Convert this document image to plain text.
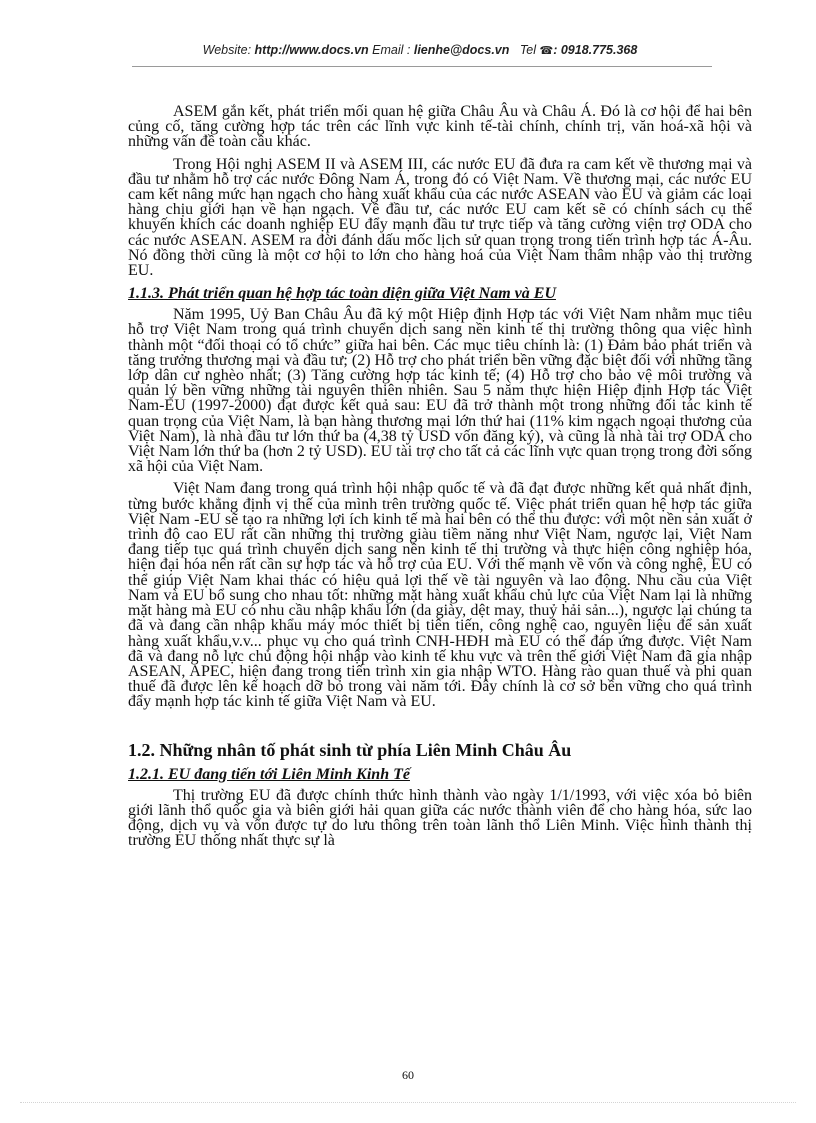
Website: http://www.docs.vn Email : lienhe@docs.vn Tel ☎: 0918.775.368

ASEM gắn kết, phát triển mối quan hệ giữa Châu Âu và Châu Á. Đó là cơ hội để hai bên củng cố, tăng cường hợp tác trên các lĩnh vực kinh tế-tài chính, chính trị, văn hoá-xã hội và những vấn đề toàn cầu khác.

Trong Hội nghị ASEM II và ASEM III, các nước EU đã đưa ra cam kết về thương mại và đầu tư nhằm hỗ trợ các nước Đông Nam Á, trong đó có Việt Nam. Về thương mại, các nước EU cam kết nâng mức hạn ngạch cho hàng xuất khẩu của các nước ASEAN vào EU và giảm các loại hàng chịu giới hạn về hạn ngạch. Về đầu tư, các nước EU cam kết sẽ có chính sách cụ thể khuyến khích các doanh nghiệp EU đẩy mạnh đầu tư trực tiếp và tăng cường viện trợ ODA cho các nước ASEAN. ASEM ra đời đánh dấu mốc lịch sử quan trọng trong tiến trình hợp tác Á-Âu. Nó đồng thời cũng là một cơ hội to lớn cho hàng hoá của Việt Nam thâm nhập vào thị trường EU.

1.1.3. Phát triển quan hệ hợp tác toàn diện giữa Việt Nam và EU

Năm 1995, Uỷ Ban Châu Âu đã ký một Hiệp định Hợp tác với Việt Nam nhằm mục tiêu hỗ trợ Việt Nam trong quá trình chuyển dịch sang nền kinh tế thị trường thông qua việc hình thành một “đối thoại có tổ chức” giữa hai bên. Các mục tiêu chính là: (1) Đảm bảo phát triển và tăng trưởng thương mại và đầu tư; (2) Hỗ trợ cho phát triển bền vững đặc biệt đối với những tầng lớp dân cư nghèo nhất; (3) Tăng cường hợp tác kinh tế; (4) Hỗ trợ cho bảo vệ môi trường và quản lý bền vững những tài nguyên thiên nhiên. Sau 5 năm thực hiện Hiệp định Hợp tác Việt Nam-EU (1997-2000) đạt được kết quả sau: EU đã trở thành một trong những đối tác kinh tế quan trọng của Việt Nam, là bạn hàng thương mại lớn thứ hai (11% kim ngạch ngoại thương của Việt Nam), là nhà đầu tư lớn thứ ba (4,38 tỷ USD vốn đăng ký), và cũng là nhà tài trợ ODA cho Việt Nam lớn thứ ba (hơn 2 tỷ USD). EU tài trợ cho tất cả các lĩnh vực quan trọng trong đời sống xã hội của Việt Nam.

Việt Nam đang trong quá trình hội nhập quốc tế và đã đạt được những kết quả nhất định, từng bước khẳng định vị thế của mình trên trường quốc tế. Việc phát triển quan hệ hợp tác giữa Việt Nam -EU sẽ tạo ra những lợi ích kinh tế mà hai bên có thể thu được: với một nền sản xuất ở trình độ cao EU rất cần những thị trường giàu tiềm năng như Việt Nam, ngược lại, Việt Nam đang tiếp tục quá trình chuyển dịch sang nền kinh tế thị trường và thực hiện công nghiệp hóa, hiện đại hóa nên rất cần sự hợp tác và hỗ trợ của EU. Với thế mạnh về vốn và công nghệ, EU có thể giúp Việt Nam khai thác có hiệu quả lợi thế về tài nguyên và lao động. Nhu cầu của Việt Nam và EU bổ sung cho nhau tốt: những mặt hàng xuất khẩu chủ lực của Việt Nam lại là những mặt hàng mà EU có nhu cầu nhập khẩu lớn (da giày, dệt may, thuỷ hải sản...), ngược lại chúng ta đã và đang cần nhập khẩu máy móc thiết bị tiên tiến, công nghệ cao, nguyên liệu để sản xuất hàng xuất khẩu,v.v... phục vụ cho quá trình CNH-HĐH mà EU có thể đáp ứng được. Việt Nam đã và đang nỗ lực chủ động hội nhập vào kinh tế khu vực và trên thế giới Việt Nam đã gia nhập ASEAN, APEC, hiện đang trong tiến trình xin gia nhập WTO. Hàng rào quan thuế và phi quan thuế đã được lên kế hoạch dỡ bỏ trong vài năm tới. Đây chính là cơ sở bền vững cho quá trình đẩy mạnh hợp tác kinh tế giữa Việt Nam và EU.

1.2. Những nhân tố phát sinh từ phía Liên Minh Châu Âu
1.2.1. EU đang tiến tới Liên Minh Kinh Tế

Thị trường EU đã được chính thức hình thành vào ngày 1/1/1993, với việc xóa bỏ biên giới lãnh thổ quốc gia và biên giới hải quan giữa các nước thành viên để cho hàng hóa, sức lao động, dịch vụ và vốn được tự do lưu thông trên toàn lãnh thổ Liên Minh. Việc hình thành thị trường EU thống nhất thực sự là

60
